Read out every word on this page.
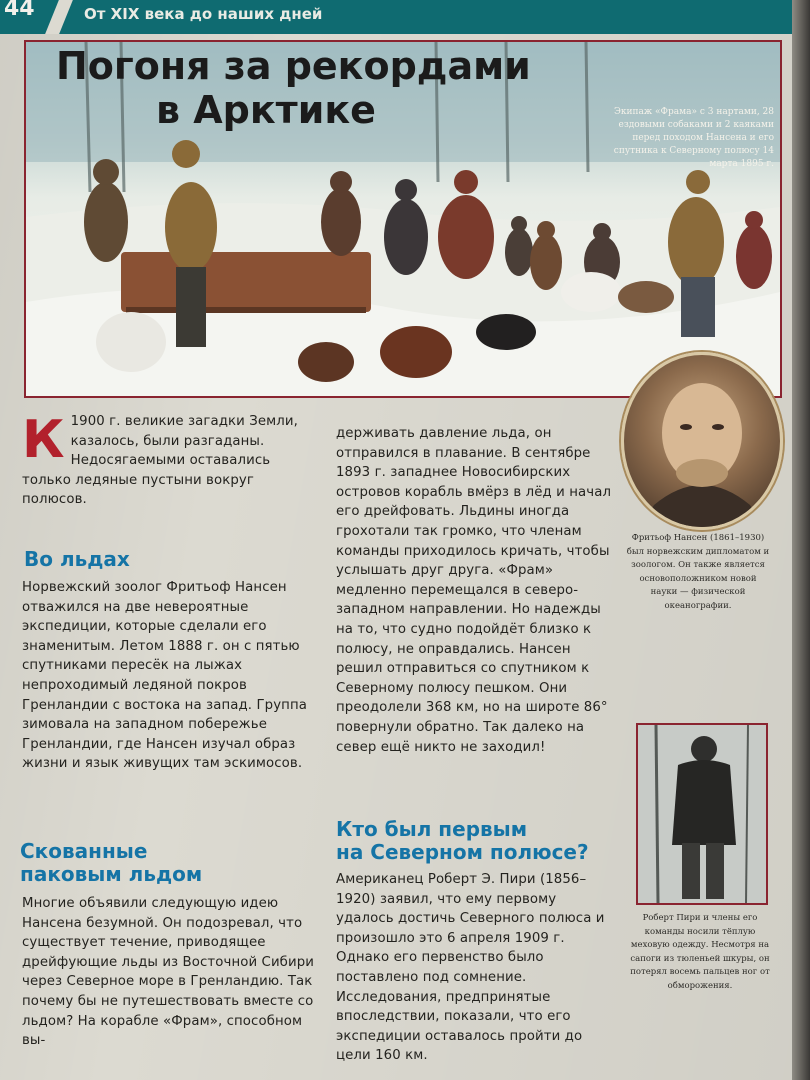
44	От XIX века до наших дней
Экипаж «Фрама» с 3 нартами, 28 ездовыми собаками и 2 каяками перед походом Нансена и его спутника к Северному полюсу 14 марта 1895 г.
Погоня за рекордами
в Арктике
Фритьоф Нансен (1861–1930) был норвежским дипломатом и зоологом. Он также является основоположником новой науки — физической океанографии.
К 1900 г. великие загадки Земли, казалось, были разгаданы. Недосягаемыми оставались только ледяные пустыни вокруг полюсов.

Во льдах
Норвежский зоолог Фритьоф Нансен отважился на две невероятные экспедиции, которые сделали его знаменитым. Летом 1888 г. он с пятью спутниками пересёк на лыжах непроходимый ледяной покров Гренландии с востока на запад. Группа зимовала на западном побережье Гренландии, где Нансен изучал образ жизни и язык живущих там эскимосов.
Скованные
паковым льдом
Многие объявили следующую идею Нансена безумной. Он подозревал, что существует течение, приводящее дрейфующие льды из Восточной Сибири через Северное море в Гренландию. Так почему бы не путешествовать вместе со льдом? На корабле «Фрам», способном вы-
держивать давление льда, он отправился в плавание. В сентябре 1893 г. западнее Новосибирских островов корабль вмёрз в лёд и начал его дрейфовать. Льдины иногда грохотали так громко, что членам команды приходилось кричать, чтобы услышать друг друга. «Фрам» медленно перемещался в северо-западном направлении. Но надежды на то, что судно подойдёт близко к полюсу, не оправдались. Нансен решил отправиться со спутником к Северному полюсу пешком. Они преодолели 368 км, но на широте 86° повернули обратно. Так далеко на север ещё никто не заходил!
Кто был первым
на Северном полюсе?
Американец Роберт Э. Пири (1856–1920) заявил, что ему первому удалось достичь Северного полюса и произошло это 6 апреля 1909 г. Однако его первенство было поставлено под сомнение. Исследования, предпринятые впоследствии, показали, что его экспедиции оставалось пройти до цели 160 км.
Роберт Пири и члены его команды носили тёплую меховую одежду. Несмотря на сапоги из тюленьей шкуры, он потерял восемь пальцев ног от обморожения.
